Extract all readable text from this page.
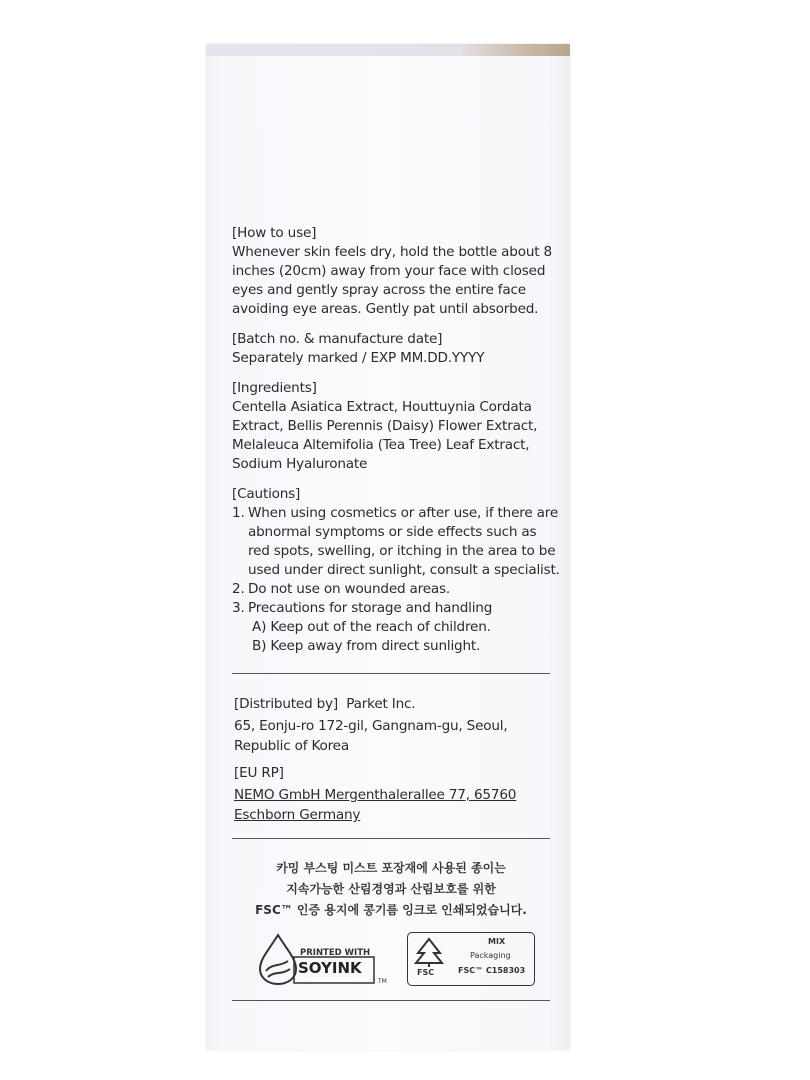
[How to use]
Whenever skin feels dry, hold the bottle about 8 inches (20cm) away from your face with closed eyes and gently spray across the entire face avoiding eye areas. Gently pat until absorbed.
[Batch no. & manufacture date]
Separately marked / EXP MM.DD.YYYY
[Ingredients]
Centella Asiatica Extract, Houttuynia Cordata Extract, Bellis Perennis (Daisy) Flower Extract, Melaleuca Altemifolia (Tea Tree) Leaf Extract, Sodium Hyaluronate
[Cautions]
1. When using cosmetics or after use, if there are abnormal symptoms or side effects such as red spots, swelling, or itching in the area to be used under direct sunlight, consult a specialist.
2. Do not use on wounded areas.
3. Precautions for storage and handling
A) Keep out of the reach of children.
B) Keep away from direct sunlight.
[Distributed by] Parket Inc.
65, Eonju-ro 172-gil, Gangnam-gu, Seoul, Republic of Korea
[EU RP]
NEMO GmbH Mergenthalerallee 77, 65760
Eschborn Germany
카밍 부스팅 미스트 포장재에 사용된 종이는
지속가능한 산림경영과 산림보호를 위한
FSC™ 인증 용지에 콩기름 잉크로 인쇄되었습니다.
PRINTED WITH
SOYINK
TM
FSC
MIX
Packaging
FSC™ C158303
